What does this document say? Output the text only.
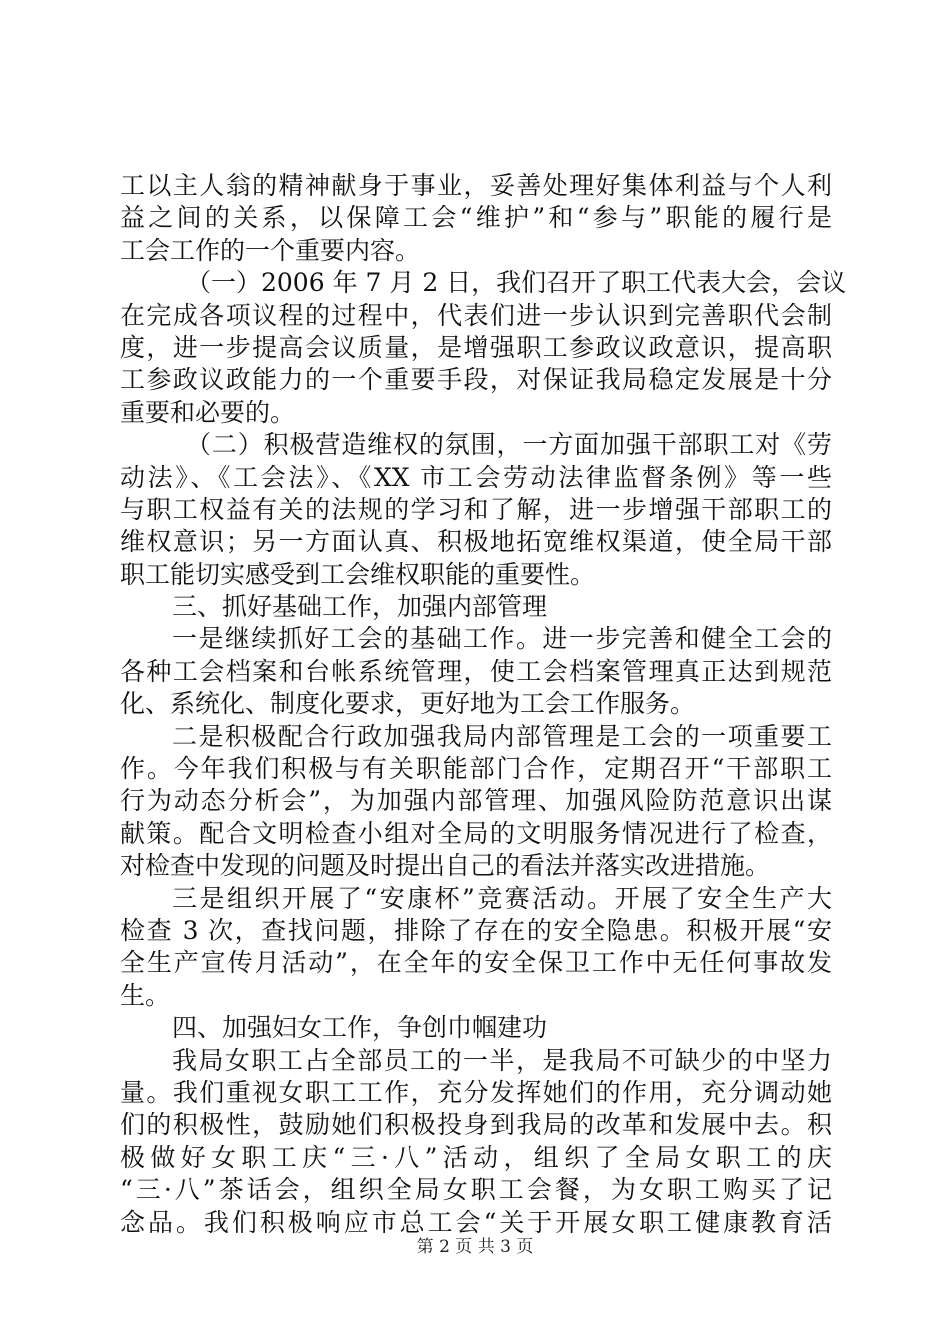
工以主人翁的精神献身于事业，妥善处理好集体利益与个人利
益之间的关系，以保障工会“维护”和“参与”职能的履行是
工会工作的一个重要内容。
（一）2006 年 7 月 2 日，我们召开了职工代表大会，会议
在完成各项议程的过程中，代表们进一步认识到完善职代会制
度，进一步提高会议质量，是增强职工参政议政意识，提高职
工参政议政能力的一个重要手段，对保证我局稳定发展是十分
重要和必要的。
（二）积极营造维权的氛围，一方面加强干部职工对《劳
动法》、《工会法》、《XX 市工会劳动法律监督条例》等一些
与职工权益有关的法规的学习和了解，进一步增强干部职工的
维权意识；另一方面认真、积极地拓宽维权渠道，使全局干部
职工能切实感受到工会维权职能的重要性。
三、抓好基础工作，加强内部管理
一是继续抓好工会的基础工作。进一步完善和健全工会的
各种工会档案和台帐系统管理，使工会档案管理真正达到规范
化、系统化、制度化要求，更好地为工会工作服务。
二是积极配合行政加强我局内部管理是工会的一项重要工
作。今年我们积极与有关职能部门合作，定期召开“干部职工
行为动态分析会”，为加强内部管理、加强风险防范意识出谋
献策。配合文明检查小组对全局的文明服务情况进行了检查，
对检查中发现的问题及时提出自己的看法并落实改进措施。
三是组织开展了“安康杯”竞赛活动。开展了安全生产大
检查 3 次，查找问题，排除了存在的安全隐患。积极开展“安
全生产宣传月活动”，在全年的安全保卫工作中无任何事故发
生。
四、加强妇女工作，争创巾帼建功
我局女职工占全部员工的一半，是我局不可缺少的中坚力
量。我们重视女职工工作，充分发挥她们的作用，充分调动她
们的积极性，鼓励她们积极投身到我局的改革和发展中去。积
极做好女职工庆“三·八”活动，组织了全局女职工的庆
“三·八”茶话会，组织全局女职工会餐，为女职工购买了记
念品。我们积极响应市总工会“关于开展女职工健康教育活
第 2 页 共 3 页
